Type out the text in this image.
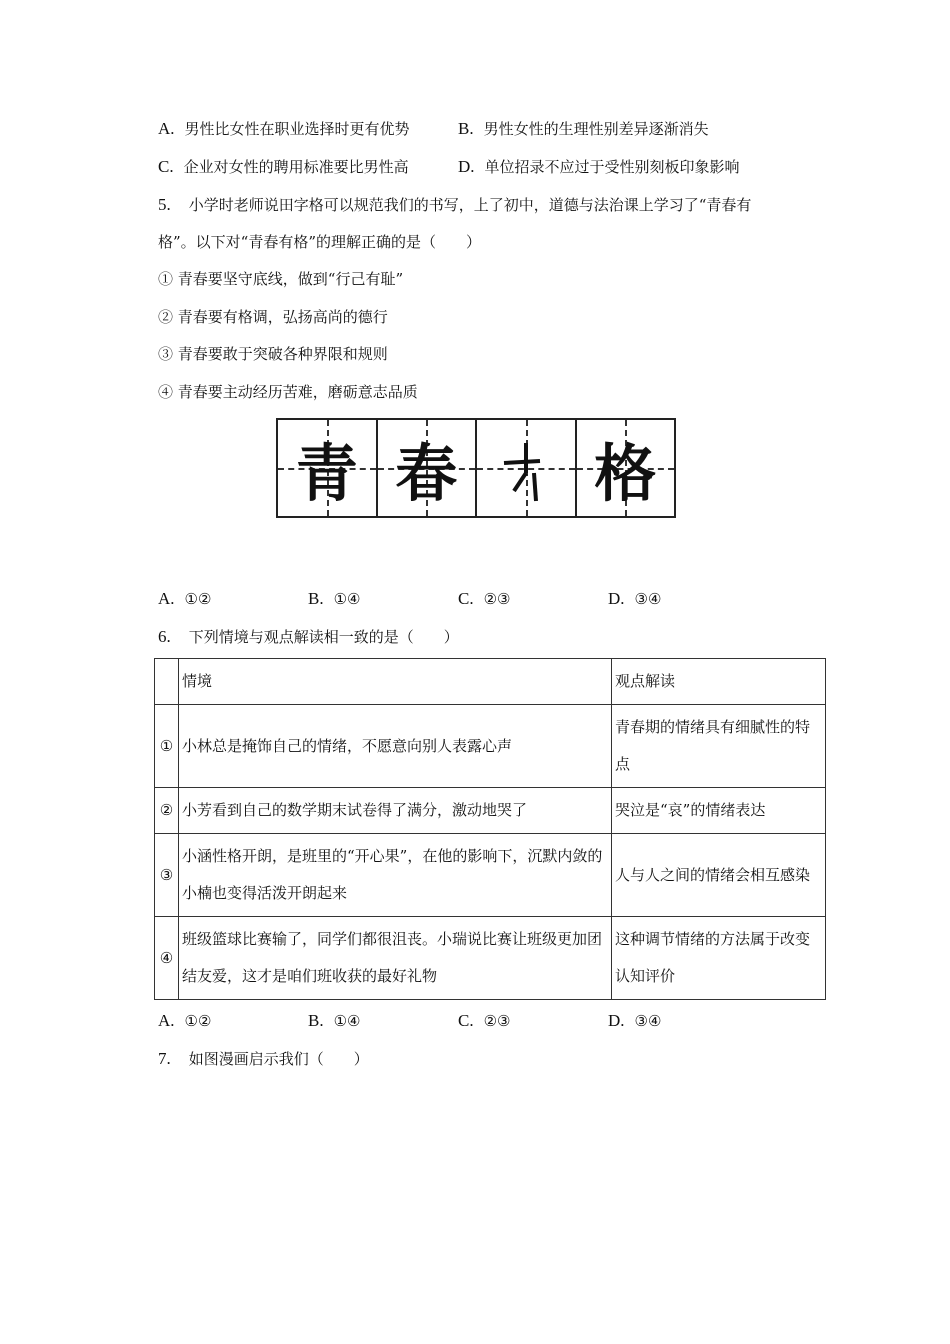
A. 男性比女性在职业选择时更有优势	B. 男性女性的生理性别差异逐渐消失
C. 企业对女性的聘用标准要比男性高	D. 单位招录不应过于受性别刻板印象影响
5. 小学时老师说田字格可以规范我们的书写，上了初中，道德与法治课上学习了“青春有
格”。以下对“青春有格”的理解正确的是（　　）
① 青春要坚守底线，做到“行己有耻”
② 青春要有格调，弘扬高尚的德行
③ 青春要敢于突破各种界限和规则
④ 青春要主动经历苦难，磨砺意志品质
青 春 格
A. ①②	B. ①④	C. ②③	D. ③④
6. 下列情境与观点解读相一致的是（　　）
	情境	观点解读
①	小林总是掩饰自己的情绪，不愿意向别人表露心声	青春期的情绪具有细腻性的特点
②	小芳看到自己的数学期末试卷得了满分，激动地哭了	哭泣是“哀”的情绪表达
③	小涵性格开朗，是班里的“开心果”，在他的影响下，沉默内敛的小楠也变得活泼开朗起来	人与人之间的情绪会相互感染
④	班级篮球比赛输了，同学们都很沮丧。小瑞说比赛让班级更加团结友爱，这才是咱们班收获的最好礼物	这种调节情绪的方法属于改变认知评价
A. ①②	B. ①④	C. ②③	D. ③④
7. 如图漫画启示我们（　　）
